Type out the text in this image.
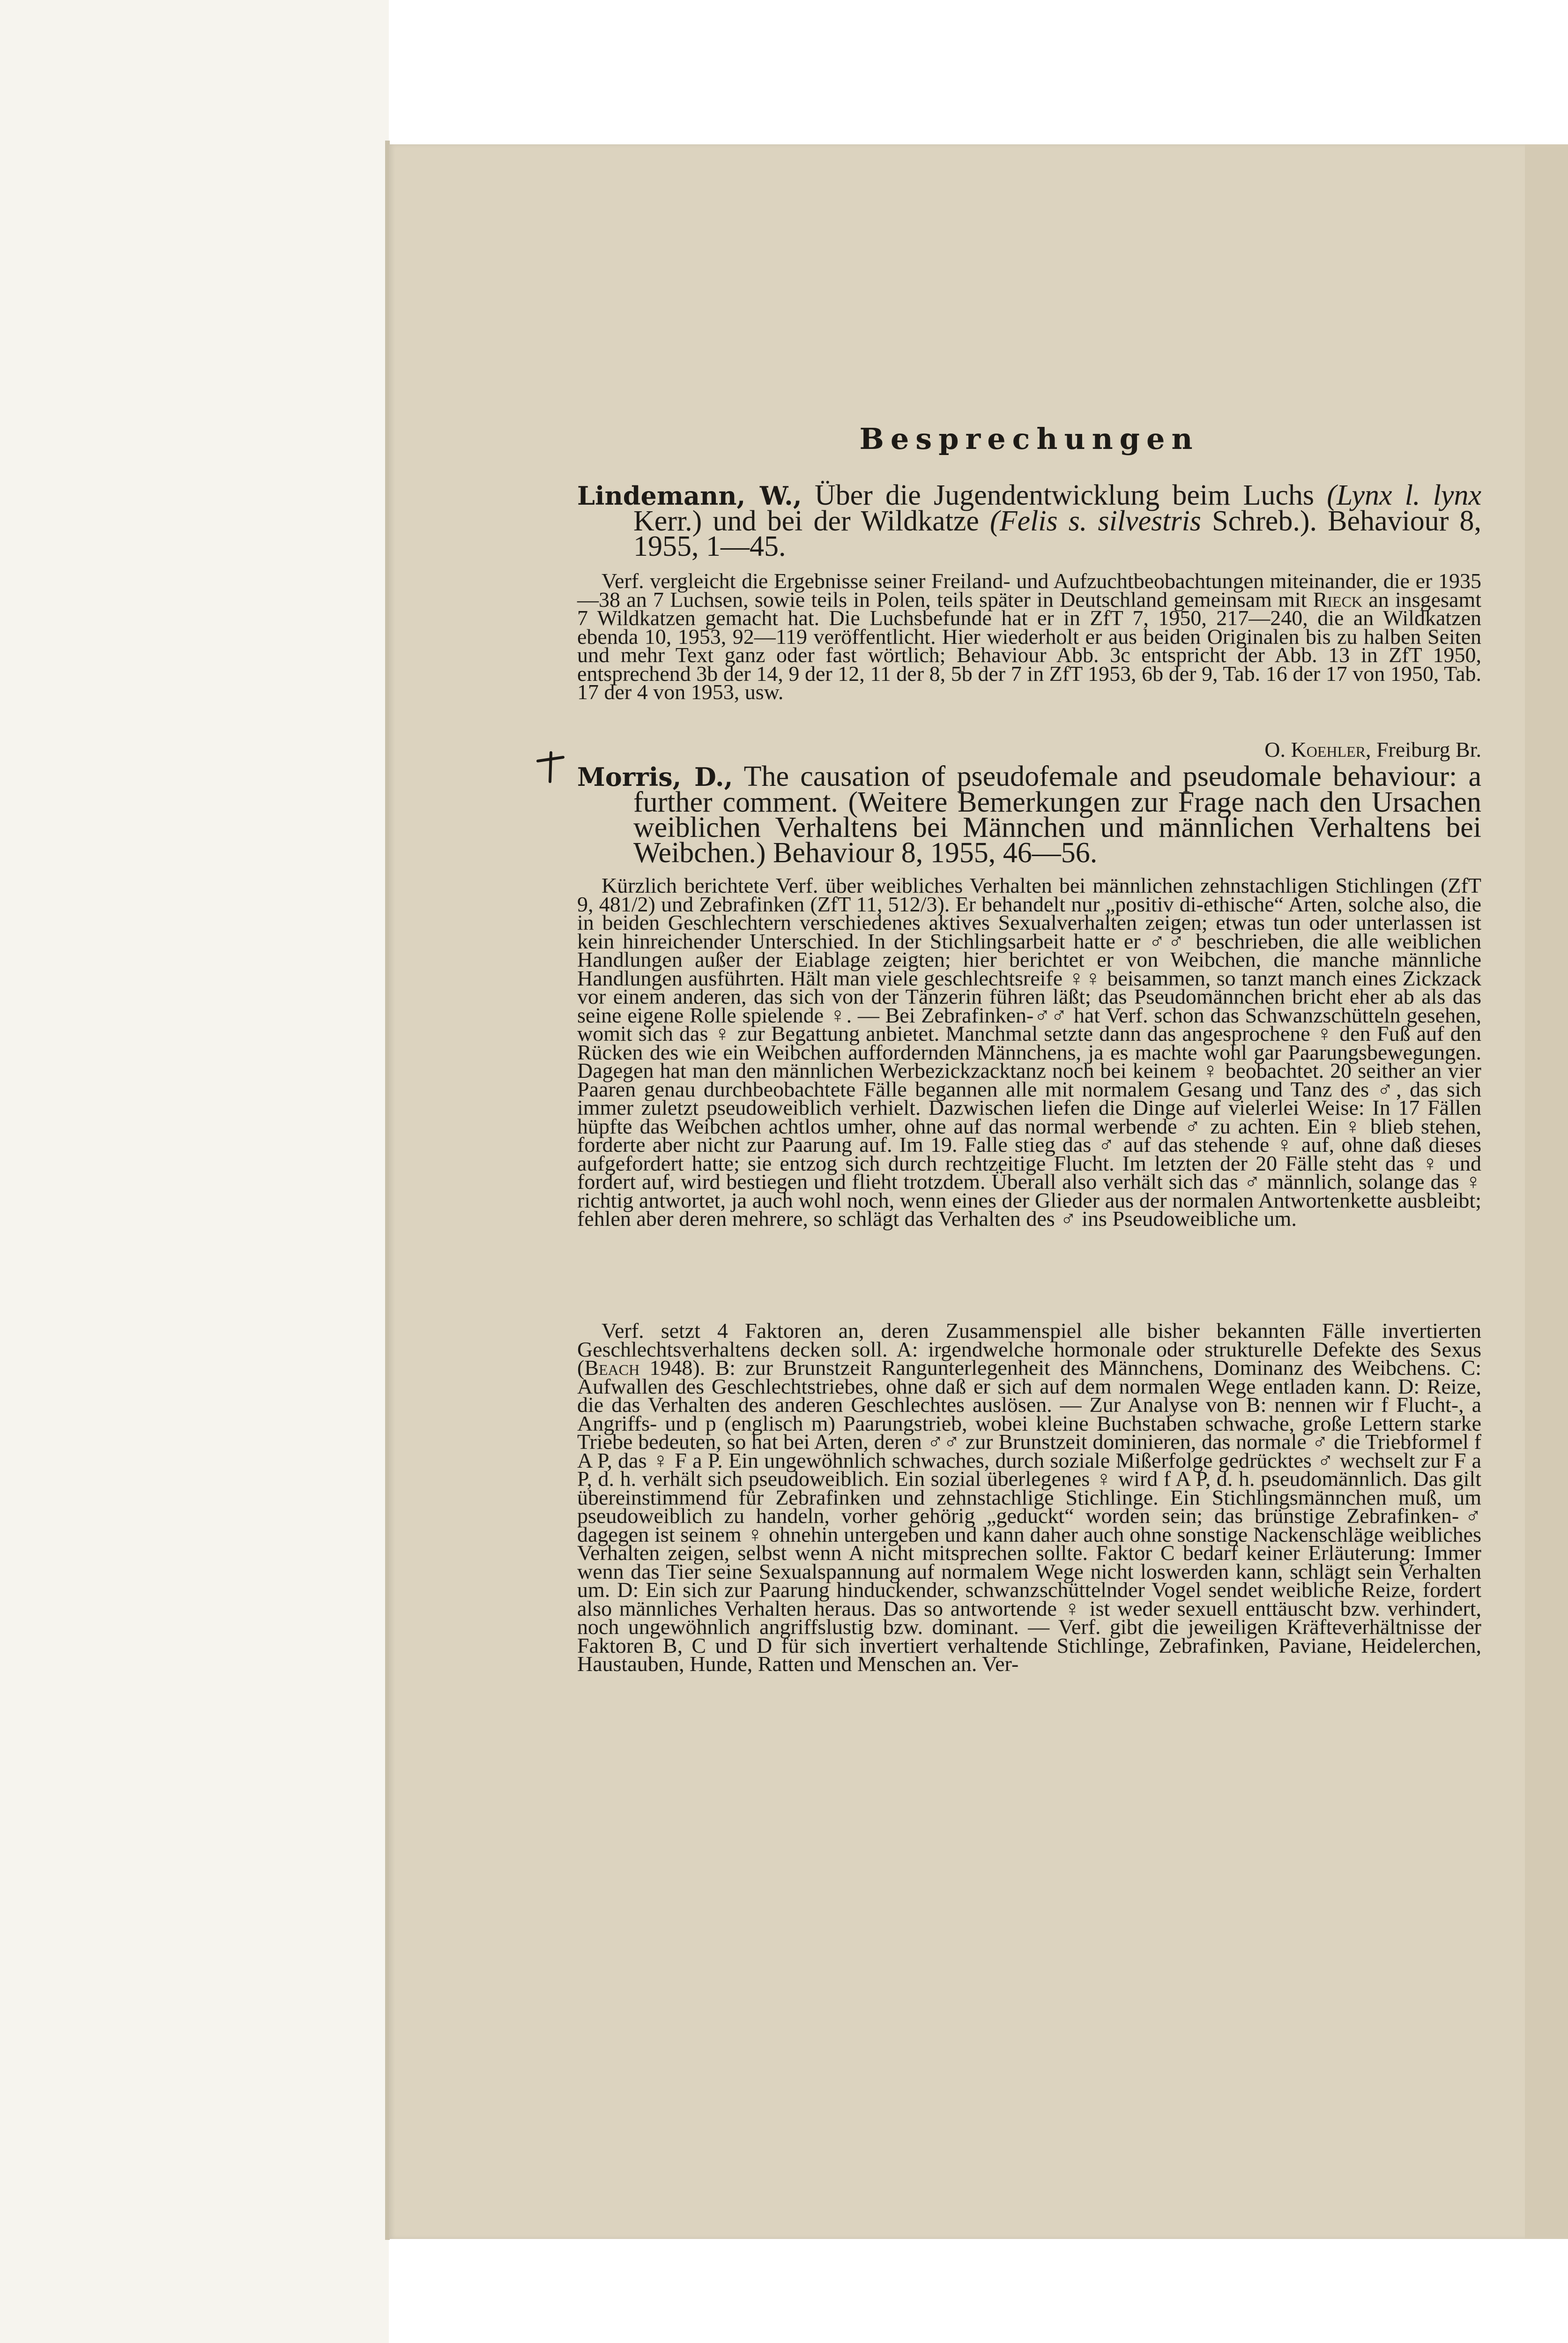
Besprechungen
Lindemann, W., Über die Jugendentwicklung beim Luchs (Lynx l. lynx Kerr.) und bei der Wildkatze (Felis s. silvestris Schreb.). Behaviour 8, 1955, 1—45.
Verf. vergleicht die Ergebnisse seiner Freiland- und Aufzuchtbeobachtungen miteinander, die er 1935—38 an 7 Luchsen, sowie teils in Polen, teils später in Deutschland gemeinsam mit Rieck an insgesamt 7 Wildkatzen gemacht hat. Die Luchsbefunde hat er in ZfT 7, 1950, 217—240, die an Wildkatzen ebenda 10, 1953, 92—119 veröffentlicht. Hier wiederholt er aus beiden Originalen bis zu halben Seiten und mehr Text ganz oder fast wörtlich; Behaviour Abb. 3c entspricht der Abb. 13 in ZfT 1950, entsprechend 3b der 14, 9 der 12, 11 der 8, 5b der 7 in ZfT 1953, 6b der 9, Tab. 16 der 17 von 1950, Tab. 17 der 4 von 1953, usw.
O. Koehler, Freiburg Br.
Morris, D., The causation of pseudofemale and pseudomale behaviour: a further comment. (Weitere Bemerkungen zur Frage nach den Ursachen weiblichen Verhaltens bei Männchen und männlichen Verhaltens bei Weibchen.) Behaviour 8, 1955, 46—56.
Kürzlich berichtete Verf. über weibliches Verhalten bei männlichen zehnstachligen Stichlingen (ZfT 9, 481/2) und Zebrafinken (ZfT 11, 512/3). Er behandelt nur „positiv di-ethische“ Arten, solche also, die in beiden Geschlechtern verschiedenes aktives Sexualverhalten zeigen; etwas tun oder unterlassen ist kein hinreichender Unterschied. In der Stichlingsarbeit hatte er ♂♂ beschrieben, die alle weiblichen Handlungen außer der Eiablage zeigten; hier berichtet er von Weibchen, die manche männliche Handlungen ausführten. Hält man viele geschlechtsreife ♀♀ beisammen, so tanzt manch eines Zickzack vor einem anderen, das sich von der Tänzerin führen läßt; das Pseudomännchen bricht eher ab als das seine eigene Rolle spielende ♀. — Bei Zebrafinken-♂♂ hat Verf. schon das Schwanzschütteln gesehen, womit sich das ♀ zur Begattung anbietet. Manchmal setzte dann das angesprochene ♀ den Fuß auf den Rücken des wie ein Weibchen auffordernden Männchens, ja es machte wohl gar Paarungsbewegungen. Dagegen hat man den männlichen Werbezickzacktanz noch bei keinem ♀ beobachtet. 20 seither an vier Paaren genau durchbeobachtete Fälle begannen alle mit normalem Gesang und Tanz des ♂, das sich immer zuletzt pseudoweiblich verhielt. Dazwischen liefen die Dinge auf vielerlei Weise: In 17 Fällen hüpfte das Weibchen achtlos umher, ohne auf das normal werbende ♂ zu achten. Ein ♀ blieb stehen, forderte aber nicht zur Paarung auf. Im 19. Falle stieg das ♂ auf das stehende ♀ auf, ohne daß dieses aufgefordert hatte; sie entzog sich durch rechtzeitige Flucht. Im letzten der 20 Fälle steht das ♀ und fordert auf, wird bestiegen und flieht trotzdem. Überall also verhält sich das ♂ männlich, solange das ♀ richtig antwortet, ja auch wohl noch, wenn eines der Glieder aus der normalen Antwortenkette ausbleibt; fehlen aber deren mehrere, so schlägt das Verhalten des ♂ ins Pseudoweibliche um.
Verf. setzt 4 Faktoren an, deren Zusammenspiel alle bisher bekannten Fälle invertierten Geschlechtsverhaltens decken soll. A: irgendwelche hormonale oder strukturelle Defekte des Sexus (Beach 1948). B: zur Brunstzeit Rangunterlegenheit des Männchens, Dominanz des Weibchens. C: Aufwallen des Geschlechtstriebes, ohne daß er sich auf dem normalen Wege entladen kann. D: Reize, die das Verhalten des anderen Geschlechtes auslösen. — Zur Analyse von B: nennen wir f Flucht-, a Angriffs- und p (englisch m) Paarungstrieb, wobei kleine Buchstaben schwache, große Lettern starke Triebe bedeuten, so hat bei Arten, deren ♂♂ zur Brunstzeit dominieren, das normale ♂ die Triebformel f A P, das ♀ F a P. Ein ungewöhnlich schwaches, durch soziale Mißerfolge gedrücktes ♂ wechselt zur F a P, d. h. verhält sich pseudoweiblich. Ein sozial überlegenes ♀ wird f A P, d. h. pseudomännlich. Das gilt übereinstimmend für Zebrafinken und zehnstachlige Stichlinge. Ein Stichlingsmännchen muß, um pseudoweiblich zu handeln, vorher gehörig „geduckt“ worden sein; das brünstige Zebrafinken-♂ dagegen ist seinem ♀ ohnehin untergeben und kann daher auch ohne sonstige Nackenschläge weibliches Verhalten zeigen, selbst wenn A nicht mitsprechen sollte. Faktor C bedarf keiner Erläuterung: Immer wenn das Tier seine Sexualspannung auf normalem Wege nicht loswerden kann, schlägt sein Verhalten um. D: Ein sich zur Paarung hinduckender, schwanzschüttelnder Vogel sendet weibliche Reize, fordert also männliches Verhalten heraus. Das so antwortende ♀ ist weder sexuell enttäuscht bzw. verhindert, noch ungewöhnlich angriffslustig bzw. dominant. — Verf. gibt die jeweiligen Kräfteverhältnisse der Faktoren B, C und D für sich invertiert verhaltende Stichlinge, Zebrafinken, Paviane, Heidelerchen, Haustauben, Hunde, Ratten und Menschen an. Ver-
